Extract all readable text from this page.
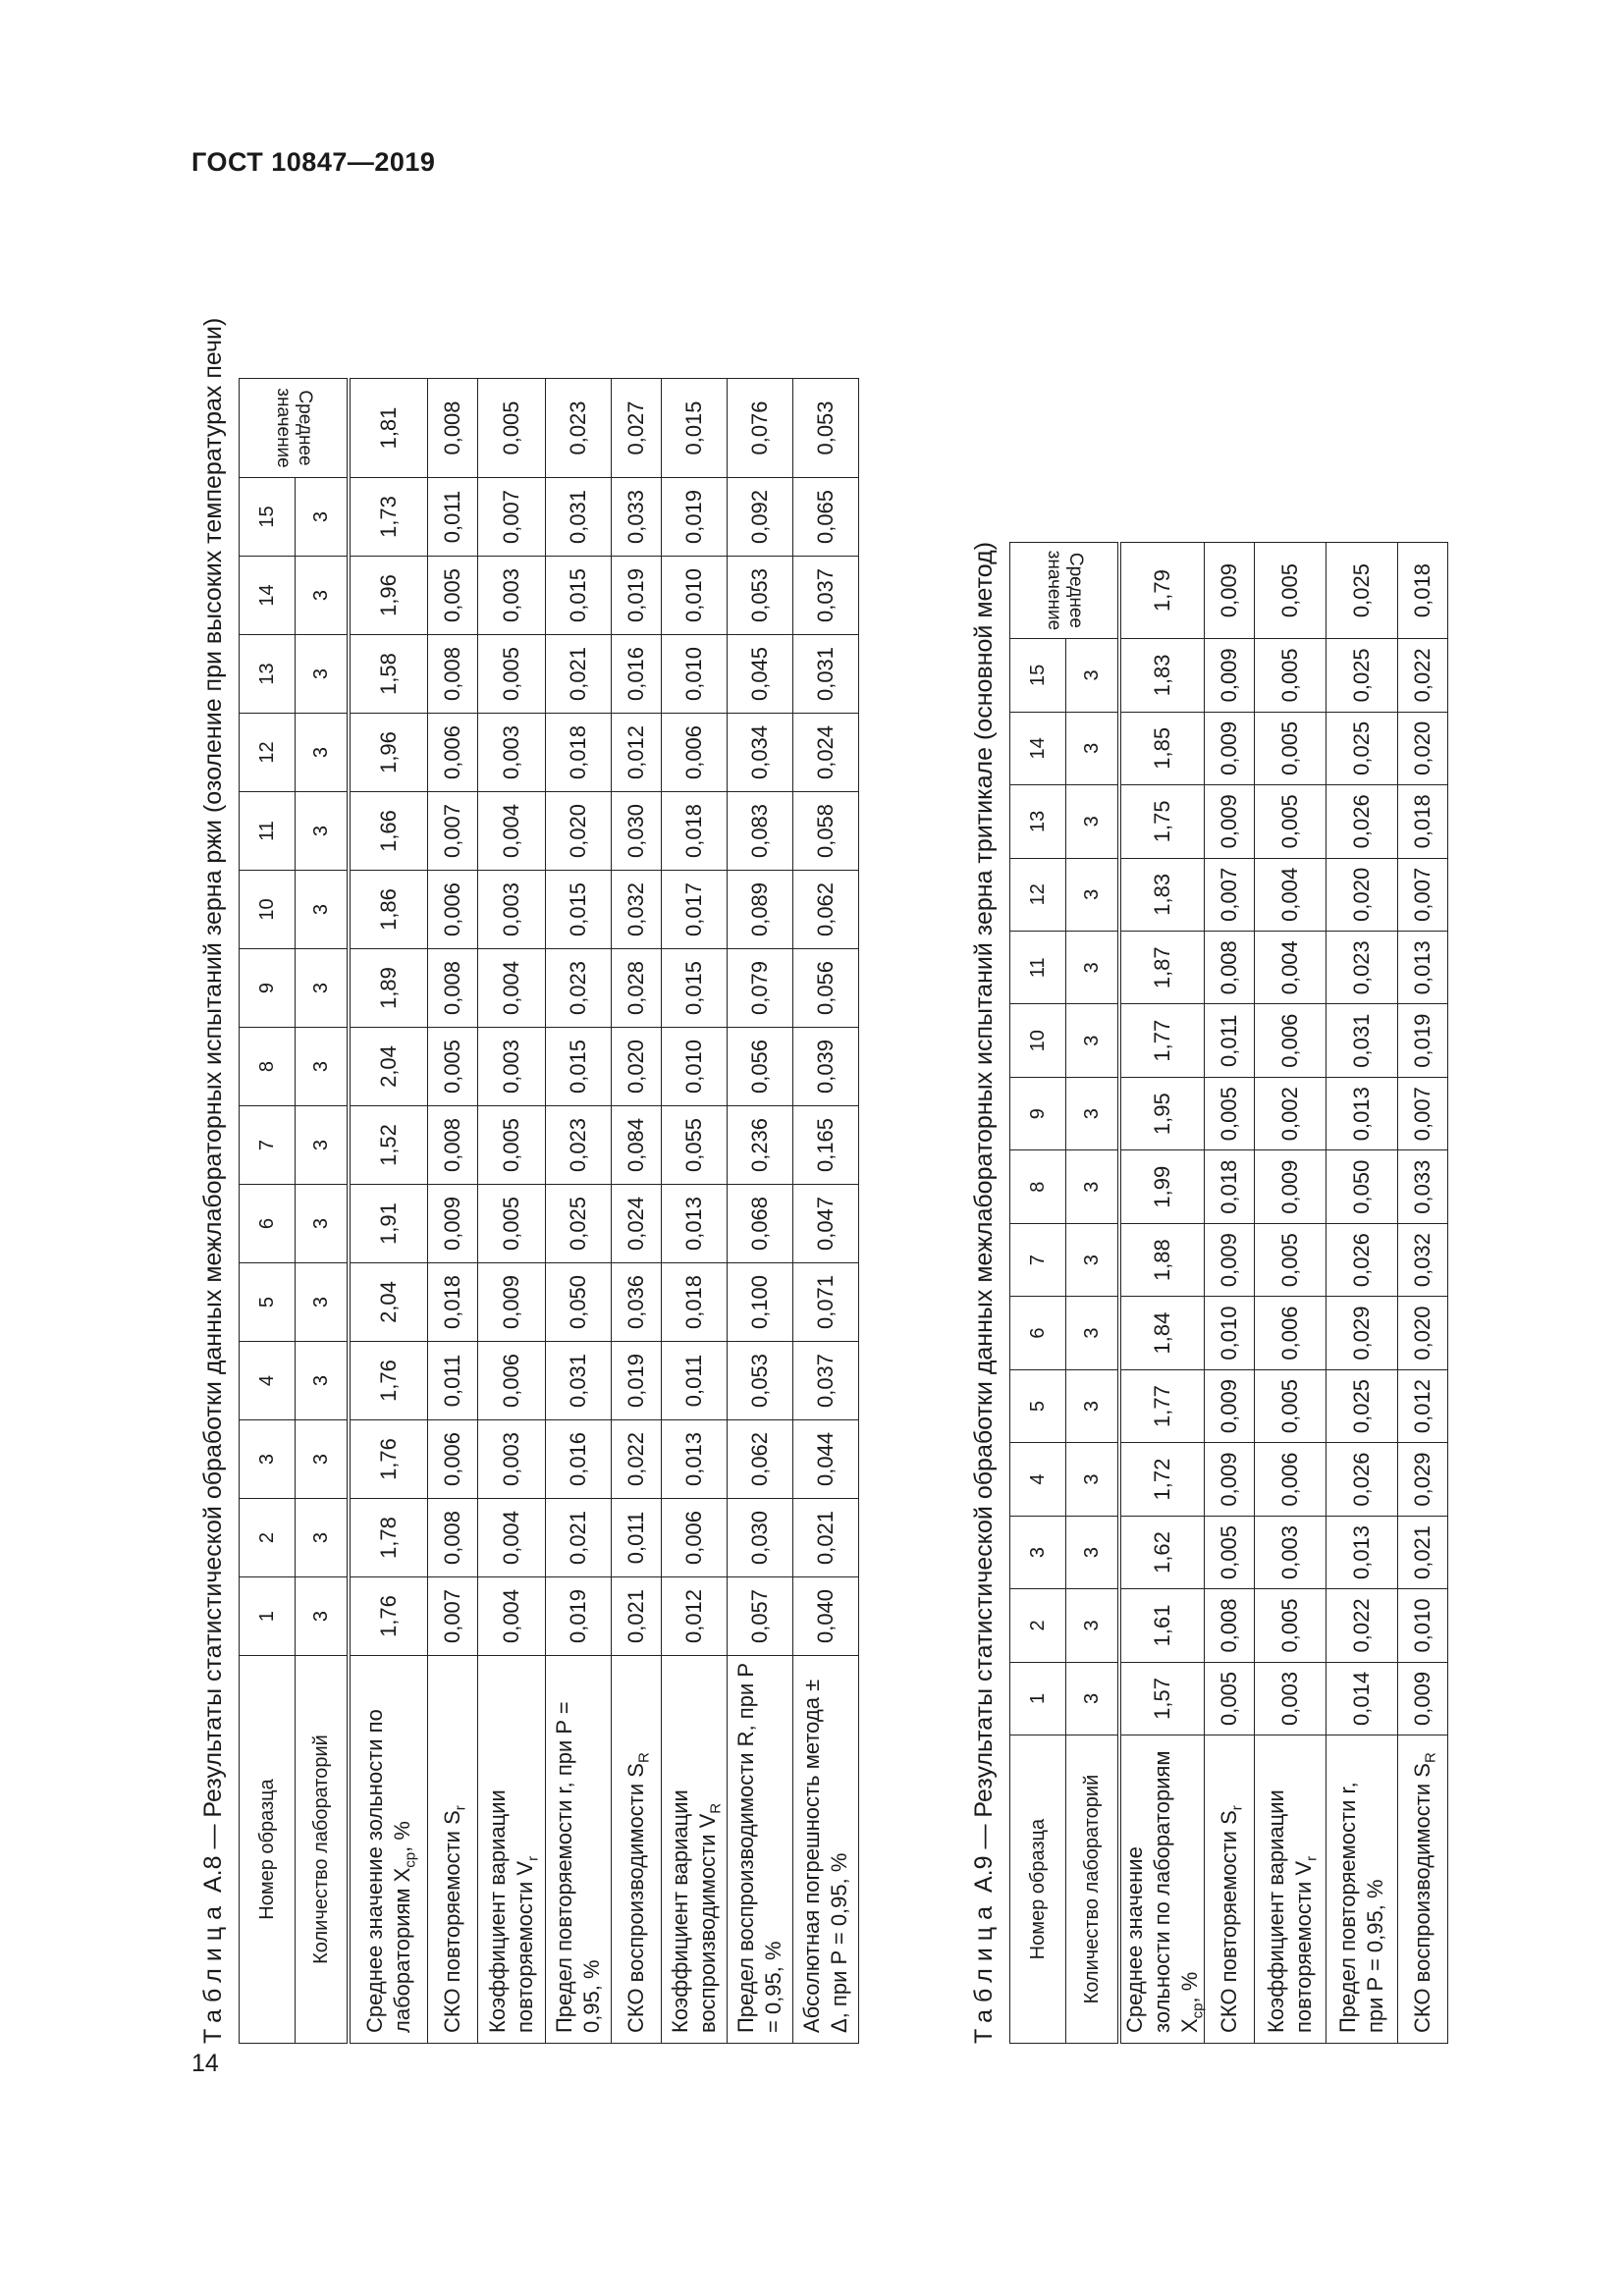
ГОСТ 10847—2019
14
Таблица А.8 — Результаты статистической обработки данных межлабораторных испытаний зерна ржи (озоление при высоких температурах печи)	Номер образца	1	2	3	4	5	6	7	8	9	10	11	12	13	14	15	Среднее значение
Количество лабораторий	3	3	3	3	3	3	3	3	3	3	3	3	3	3	3	
Среднее значение зольности по лабораториям $X_{ср}$, %	1,76	1,78	1,76	1,76	2,04	1,91	1,52	2,04	1,89	1,86	1,66	1,96	1,58	1,96	1,73	1,81
СКО повторяемости $S_r$	0,007	0,008	0,006	0,011	0,018	0,009	0,008	0,005	0,008	0,006	0,007	0,006	0,008	0,005	0,011	0,008
Коэффициент вариации повторяемости $V_r$	0,004	0,004	0,003	0,006	0,009	0,005	0,005	0,003	0,004	0,003	0,004	0,003	0,005	0,003	0,007	0,005
Предел повторяемости r, при P = 0,95, %	0,019	0,021	0,016	0,031	0,050	0,025	0,023	0,015	0,023	0,015	0,020	0,018	0,021	0,015	0,031	0,023
СКО воспроизводимости $S_R$	0,021	0,011	0,022	0,019	0,036	0,024	0,084	0,020	0,028	0,032	0,030	0,012	0,016	0,019	0,033	0,027
Коэффициент вариации воспроизводимости $V_R$	0,012	0,006	0,013	0,011	0,018	0,013	0,055	0,010	0,015	0,017	0,018	0,006	0,010	0,010	0,019	0,015
Предел воспроизводимости R, при P = 0,95, %	0,057	0,030	0,062	0,053	0,100	0,068	0,236	0,056	0,079	0,089	0,083	0,034	0,045	0,053	0,092	0,076
Абсолютная погрешность метода ± Δ, при P = 0,95, %	0,040	0,021	0,044	0,037	0,071	0,047	0,165	0,039	0,056	0,062	0,058	0,024	0,031	0,037	0,065	0,053
Таблица А.9 — Результаты статистической обработки данных межлабораторных испытаний зерна тритикале (основной метод)	Номер образца	1	2	3	4	5	6	7	8	9	10	11	12	13	14	15	Среднее значение
Количество лабораторий	3	3	3	3	3	3	3	3	3	3	3	3	3	3	3	
Среднее значение зольности по лабораториям $X_{ср}$, %	1,57	1,61	1,62	1,72	1,77	1,84	1,88	1,99	1,95	1,77	1,87	1,83	1,75	1,85	1,83	1,79
СКО повторяемости $S_r$	0,005	0,008	0,005	0,009	0,009	0,010	0,009	0,018	0,005	0,011	0,008	0,007	0,009	0,009	0,009	0,009
Коэффициент вариации повторяемости $V_r$	0,003	0,005	0,003	0,006	0,005	0,006	0,005	0,009	0,002	0,006	0,004	0,004	0,005	0,005	0,005	0,005
Предел повторяемости r, при P = 0,95, %	0,014	0,022	0,013	0,026	0,025	0,029	0,026	0,050	0,013	0,031	0,023	0,020	0,026	0,025	0,025	0,025
СКО воспроизводимости $S_R$	0,009	0,010	0,021	0,029	0,012	0,020	0,032	0,033	0,007	0,019	0,013	0,007	0,018	0,020	0,022	0,018
